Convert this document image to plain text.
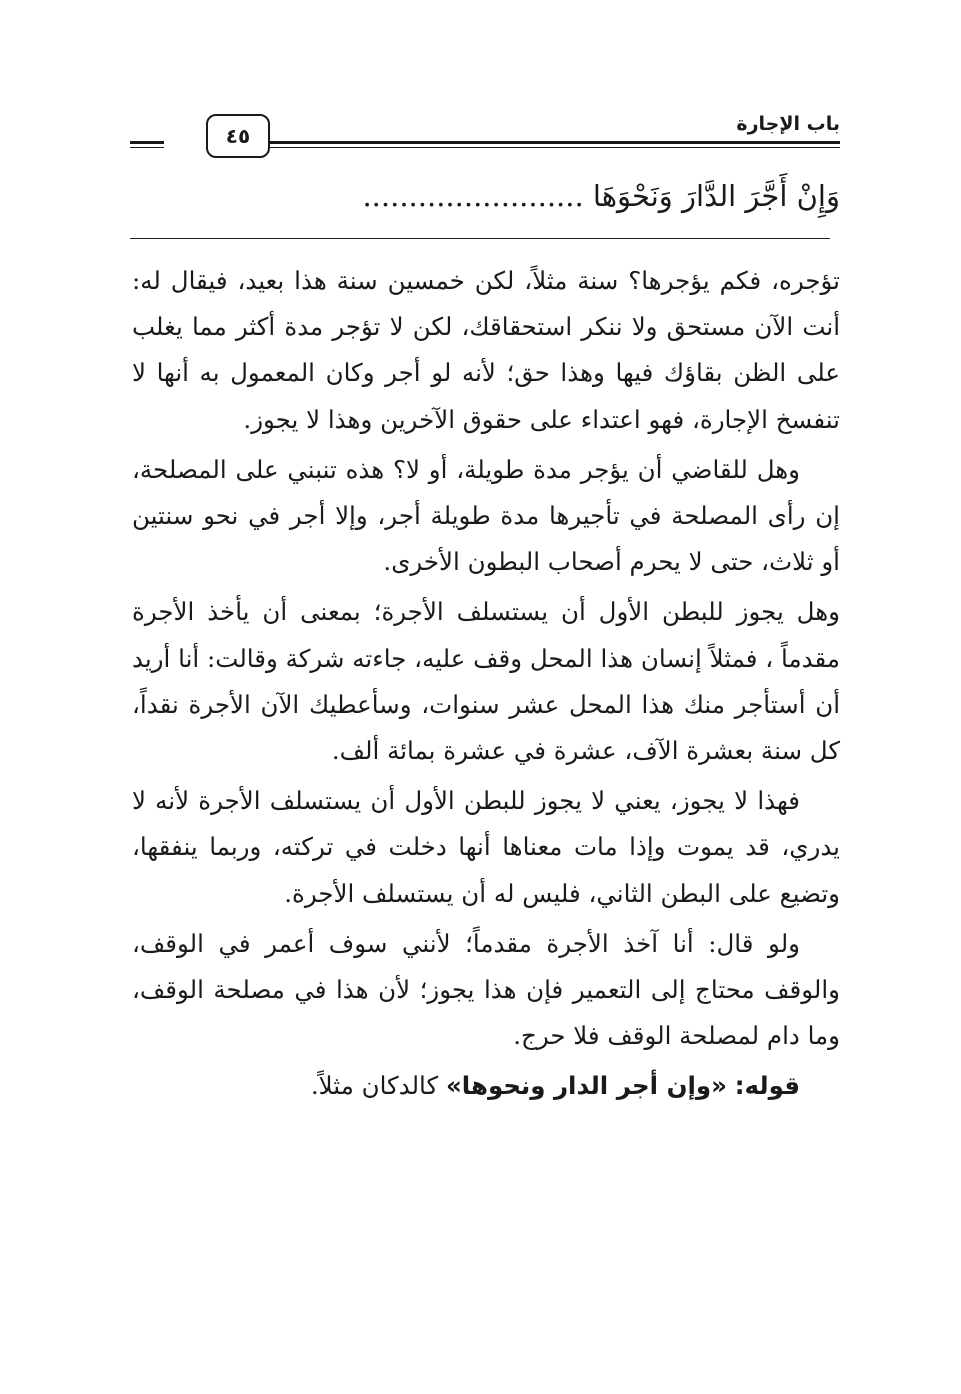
باب الإجارة
٤٥
وَإِنْ أَجَّرَ الدَّارَ وَنَحْوَهَا ........................

تؤجره، فكم يؤجرها؟ سنة مثلاً، لكن خمسين سنة هذا بعيد، فيقال له: أنت الآن مستحق ولا ننكر استحقاقك، لكن لا تؤجر مدة أكثر مما يغلب على الظن بقاؤك فيها وهذا حق؛ لأنه لو أجر وكان المعمول به أنها لا تنفسخ الإجارة، فهو اعتداء على حقوق الآخرين وهذا لا يجوز.

وهل للقاضي أن يؤجر مدة طويلة، أو لا؟ هذه تنبني على المصلحة، إن رأى المصلحة في تأجيرها مدة طويلة أجر، وإلا أجر في نحو سنتين أو ثلاث، حتى لا يحرم أصحاب البطون الأخرى.

وهل يجوز للبطن الأول أن يستسلف الأجرة؛ بمعنى أن يأخذ الأجرة مقدماً ، فمثلاً إنسان هذا المحل وقف عليه، جاءته شركة وقالت: أنا أريد أن أستأجر منك هذا المحل عشر سنوات، وسأعطيك الآن الأجرة نقداً، كل سنة بعشرة الآف، عشرة في عشرة بمائة ألف.

فهذا لا يجوز، يعني لا يجوز للبطن الأول أن يستسلف الأجرة لأنه لا يدري، قد يموت وإذا مات معناها أنها دخلت في تركته، وربما ينفقها، وتضيع على البطن الثاني، فليس له أن يستسلف الأجرة.

ولو قال: أنا آخذ الأجرة مقدماً؛ لأنني سوف أعمر في الوقف، والوقف محتاج إلى التعمير فإن هذا يجوز؛ لأن هذا في مصلحة الوقف، وما دام لمصلحة الوقف فلا حرج.

قوله: «وإن أجر الدار ونحوها» كالدكان مثلاً.
